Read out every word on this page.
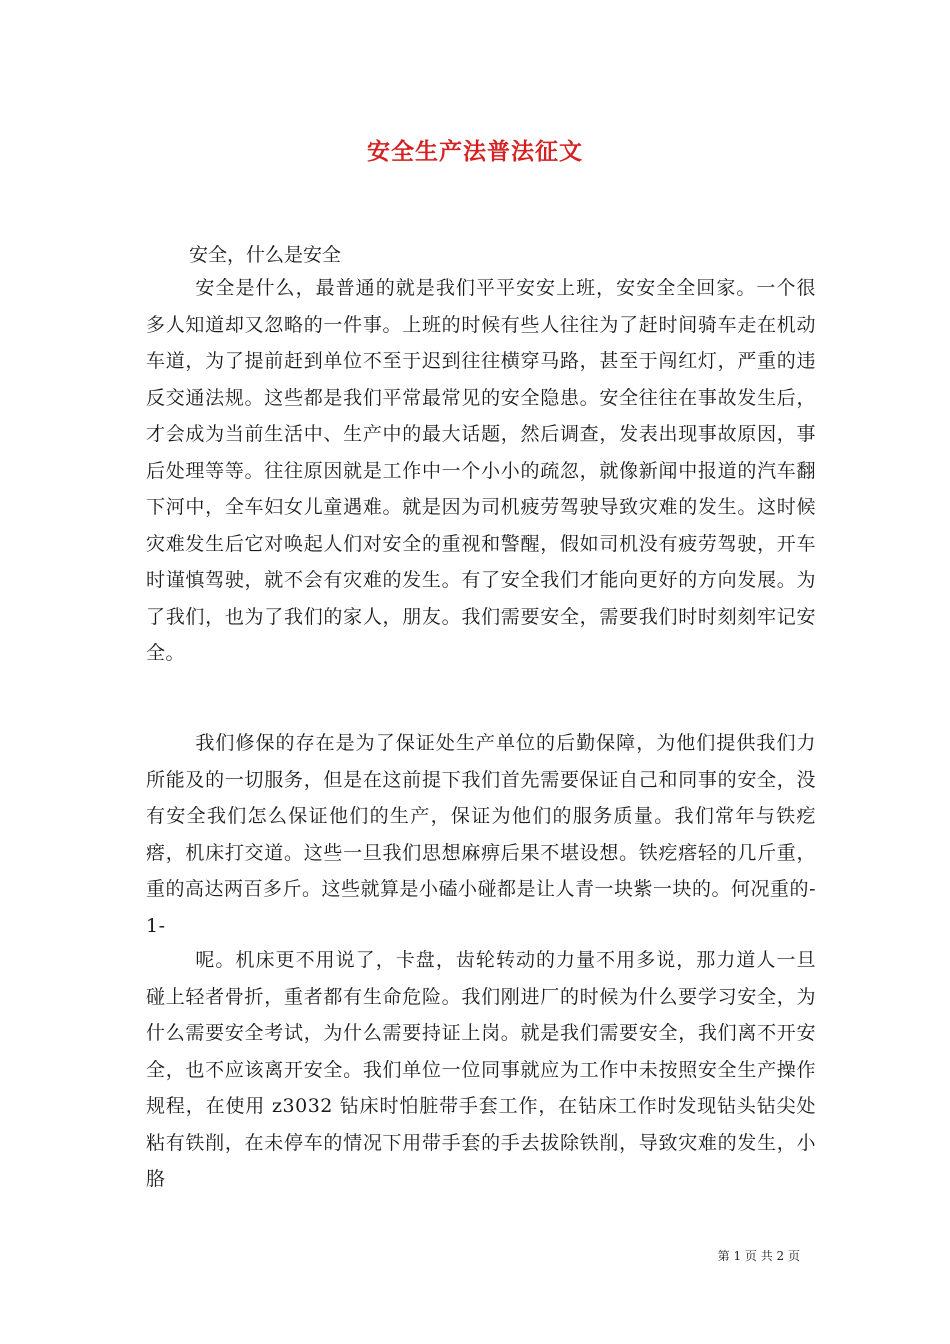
安全生产法普法征文
安全，什么是安全

安全是什么，最普通的就是我们平平安安上班，安安全全回家。一个很多人知道却又忽略的一件事。上班的时候有些人往往为了赶时间骑车走在机动车道，为了提前赶到单位不至于迟到往往横穿马路，甚至于闯红灯，严重的违反交通法规。这些都是我们平常最常见的安全隐患。安全往往在事故发生后，才会成为当前生活中、生产中的最大话题，然后调查，发表出现事故原因，事后处理等等。往往原因就是工作中一个小小的疏忽，就像新闻中报道的汽车翻下河中，全车妇女儿童遇难。就是因为司机疲劳驾驶导致灾难的发生。这时候灾难发生后它对唤起人们对安全的重视和警醒，假如司机没有疲劳驾驶，开车时谨慎驾驶，就不会有灾难的发生。有了安全我们才能向更好的方向发展。为了我们，也为了我们的家人，朋友。我们需要安全，需要我们时时刻刻牢记安全。

我们修保的存在是为了保证处生产单位的后勤保障，为他们提供我们力所能及的一切服务，但是在这前提下我们首先需要保证自己和同事的安全，没有安全我们怎么保证他们的生产，保证为他们的服务质量。我们常年与铁疙瘩，机床打交道。这些一旦我们思想麻痹后果不堪设想。铁疙瘩轻的几斤重，重的高达两百多斤。这些就算是小磕小碰都是让人青一块紫一块的。何况重的-1-

呢。机床更不用说了，卡盘，齿轮转动的力量不用多说，那力道人一旦碰上轻者骨折，重者都有生命危险。我们刚进厂的时候为什么要学习安全，为什么需要安全考试，为什么需要持证上岗。就是我们需要安全，我们离不开安全，也不应该离开安全。我们单位一位同事就应为工作中未按照安全生产操作规程，在使用 z3032 钻床时怕脏带手套工作，在钻床工作时发现钻头钻尖处粘有铁削，在未停车的情况下用带手套的手去拔除铁削，导致灾难的发生，小胳

第 1 页 共 2 页
